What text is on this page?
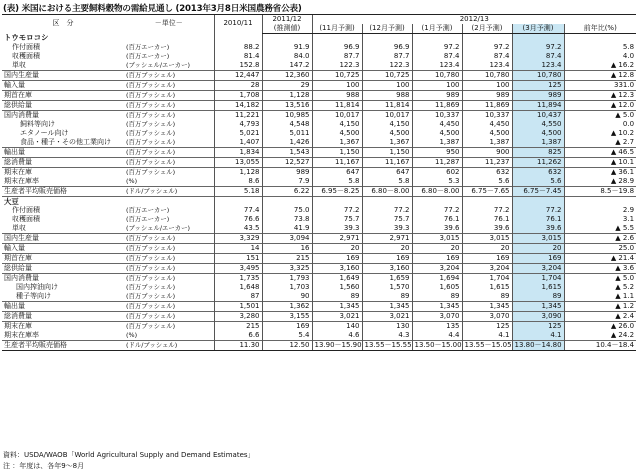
(表) 米国における主要飼料穀物の需給見通し (2013年3月8日米国農務省公表)
区　分	－単位－	2010/11	2011/12	2012/13					
			(推測値)	(11月予測)	(12月予測)	(1月予測)	(2月予測)	(3月予測)	前年比(%)
トウモロコシ									
作付面積	(百万エーカー)	88.2	91.9	96.9	96.9	97.2	97.2	97.2	5.8
収穫面積	(百万エーカー)	81.4	84.0	87.7	87.7	87.4	87.4	87.4	4.0
単収	(ブッシェル/エーカー)	152.8	147.2	122.3	122.3	123.4	123.4	123.4	▲ 16.2
国内生産量	(百万ブッシェル)	12,447	12,360	10,725	10,725	10,780	10,780	10,780	▲ 12.8
輸入量	(百万ブッシェル)	28	29	100	100	100	100	125	331.0
期首在庫	(百万ブッシェル)	1,708	1,128	988	988	989	989	989	▲ 12.3
総供給量	(百万ブッシェル)	14,182	13,516	11,814	11,814	11,869	11,869	11,894	▲ 12.0
国内消費量	(百万ブッシェル)	11,221	10,985	10,017	10,017	10,337	10,337	10,437	▲ 5.0
飼料等向け	(百万ブッシェル)	4,793	4,548	4,150	4,150	4,450	4,450	4,550	0.0
エタノール向け	(百万ブッシェル)	5,021	5,011	4,500	4,500	4,500	4,500	4,500	▲ 10.2
食品・種子・その他工業向け	(百万ブッシェル)	1,407	1,426	1,367	1,367	1,387	1,387	1,387	▲ 2.7
輸出量	(百万ブッシェル)	1,834	1,543	1,150	1,150	950	900	825	▲ 46.5
総消費量	(百万ブッシェル)	13,055	12,527	11,167	11,167	11,287	11,237	11,262	▲ 10.1
期末在庫	(百万ブッシェル)	1,128	989	647	647	602	632	632	▲ 36.1
期末在庫率	(%)	8.6	7.9	5.8	5.8	5.3	5.6	5.6	▲ 28.9
生産者平均販売価格	(ドル/ブッシェル)	5.18	6.22	6.95－8.25	6.80－8.00	6.80－8.00	6.75－7.65	6.75－7.45	8.5－19.8
大豆									
作付面積	(百万エーカー)	77.4	75.0	77.2	77.2	77.2	77.2	77.2	2.9
収穫面積	(百万エーカー)	76.6	73.8	75.7	75.7	76.1	76.1	76.1	3.1
単収	(ブッシェル/エーカー)	43.5	41.9	39.3	39.3	39.6	39.6	39.6	▲ 5.5
国内生産量	(百万ブッシェル)	3,329	3,094	2,971	2,971	3,015	3,015	3,015	▲ 2.6
輸入量	(百万ブッシェル)	14	16	20	20	20	20	20	25.0
期首在庫	(百万ブッシェル)	151	215	169	169	169	169	169	▲ 21.4
総供給量	(百万ブッシェル)	3,495	3,325	3,160	3,160	3,204	3,204	3,204	▲ 3.6
国内消費量	(百万ブッシェル)	1,735	1,793	1,649	1,659	1,694	1,704	1,704	▲ 5.0
国内搾油向け	(百万ブッシェル)	1,648	1,703	1,560	1,570	1,605	1,615	1,615	▲ 5.2
種子等向け	(百万ブッシェル)	87	90	89	89	89	89	89	▲ 1.1
輸出量	(百万ブッシェル)	1,501	1,362	1,345	1,345	1,345	1,345	1,345	▲ 1.2
総消費量	(百万ブッシェル)	3,280	3,155	3,021	3,021	3,070	3,070	3,090	▲ 2.4
期末在庫	(百万ブッシェル)	215	169	140	130	135	125	125	▲ 26.0
期末在庫率	(%)	6.6	5.4	4.6	4.3	4.4	4.1	4.1	▲ 24.2
生産者平均販売価格	(ドル/ブッシェル)	11.30	12.50	13.90－15.90	13.55－15.55	13.50－15.00	13.55－15.05	13.80－14.80	10.4－18.4
資料：USDA/WAOB「World Agricultural Supply and Demand Estimates」
注 ：年度は、各年9～8月
